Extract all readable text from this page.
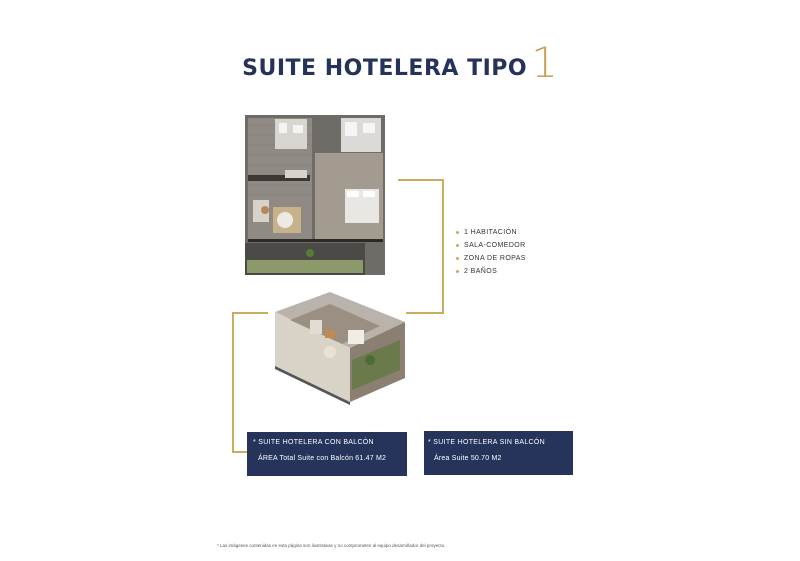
SUITE HOTELERA TIPO1
1 HABITACIÓN
SALA-COMEDOR
ZONA DE ROPAS
2 BAÑOS
* SUITE HOTELERA CON BALCÓN
ÁREA Total Suite con Balcón 61.47 M2
* SUITE HOTELERA SIN BALCÓN
Área Suite 50.70 M2
* Las imágenes contenidas en esta página son ilustrativas y no comprometen al equipo desarrollador del proyecto.
